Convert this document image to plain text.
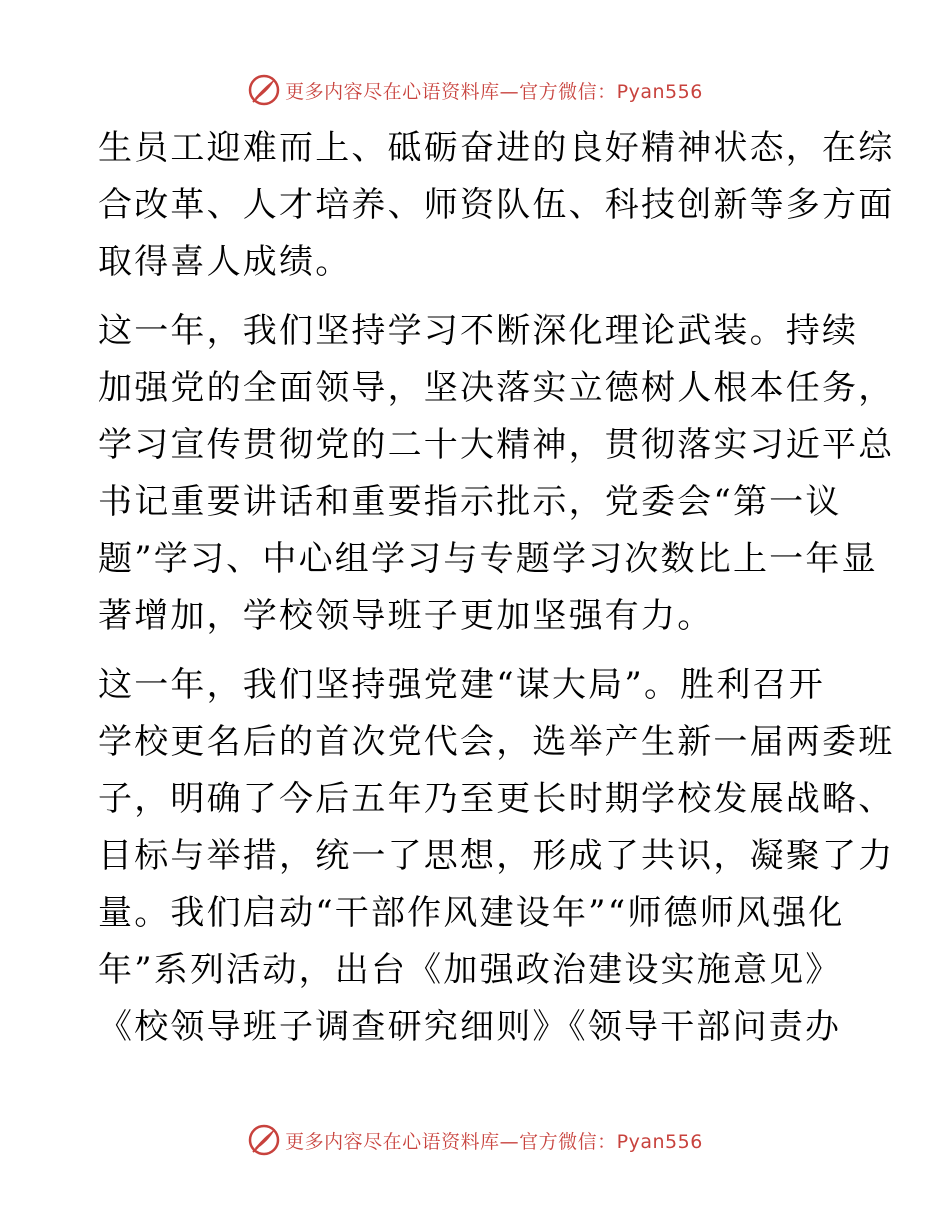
更多内容尽在心语资料库—官方微信：Pyan556

生员工迎难而上、砥砺奋进的良好精神状态，在综

合改革、人才培养、师资队伍、科技创新等多方面

取得喜人成绩。

这一年，我们坚持学习不断深化理论武装。持续

加强党的全面领导，坚决落实立德树人根本任务，

学习宣传贯彻党的二十大精神，贯彻落实习近平总

书记重要讲话和重要指示批示，党委会“第一议

题”学习、中心组学习与专题学习次数比上一年显

著增加，学校领导班子更加坚强有力。

这一年，我们坚持强党建“谋大局”。胜利召开

学校更名后的首次党代会，选举产生新一届两委班

子，明确了今后五年乃至更长时期学校发展战略、

目标与举措，统一了思想，形成了共识，凝聚了力

量。我们启动“干部作风建设年”“师德师风强化

年”系列活动，出台《加强政治建设实施意见》

《校领导班子调查研究细则》《领导干部问责办

更多内容尽在心语资料库—官方微信：Pyan556
